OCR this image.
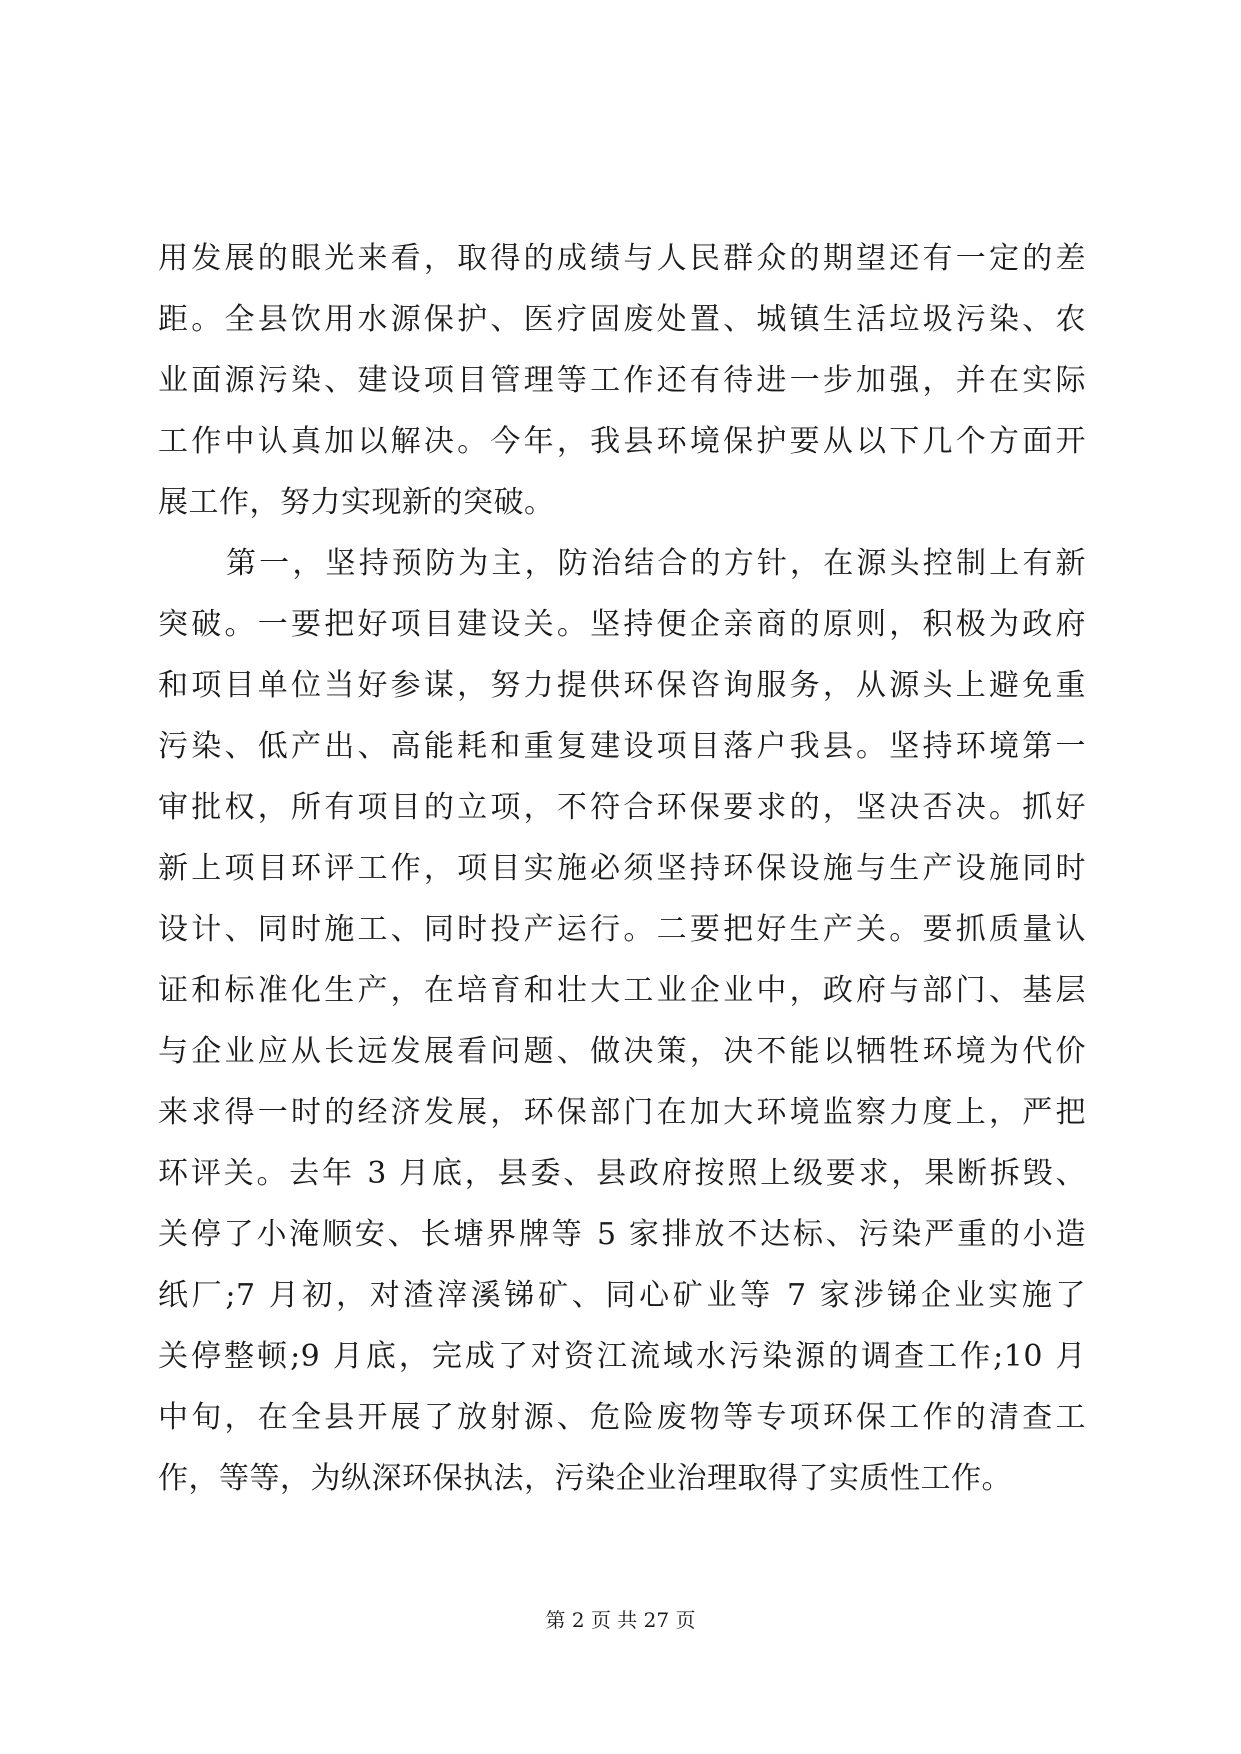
用发展的眼光来看，取得的成绩与人民群众的期望还有一定的差
距。全县饮用水源保护、医疗固废处置、城镇生活垃圾污染、农
业面源污染、建设项目管理等工作还有待进一步加强，并在实际
工作中认真加以解决。今年，我县环境保护要从以下几个方面开
展工作，努力实现新的突破。
第一，坚持预防为主，防治结合的方针，在源头控制上有新
突破。一要把好项目建设关。坚持便企亲商的原则，积极为政府
和项目单位当好参谋，努力提供环保咨询服务，从源头上避免重
污染、低产出、高能耗和重复建设项目落户我县。坚持环境第一
审批权，所有项目的立项，不符合环保要求的，坚决否决。抓好
新上项目环评工作，项目实施必须坚持环保设施与生产设施同时
设计、同时施工、同时投产运行。二要把好生产关。要抓质量认
证和标准化生产，在培育和壮大工业企业中，政府与部门、基层
与企业应从长远发展看问题、做决策，决不能以牺牲环境为代价
来求得一时的经济发展，环保部门在加大环境监察力度上，严把
环评关。去年 3 月底，县委、县政府按照上级要求，果断拆毁、
关停了小淹顺安、长塘界牌等 5 家排放不达标、污染严重的小造
纸厂;7 月初，对渣滓溪锑矿、同心矿业等 7 家涉锑企业实施了
关停整顿;9 月底，完成了对资江流域水污染源的调查工作;10 月
中旬，在全县开展了放射源、危险废物等专项环保工作的清查工
作，等等，为纵深环保执法，污染企业治理取得了实质性工作。
第 2 页 共 27 页
